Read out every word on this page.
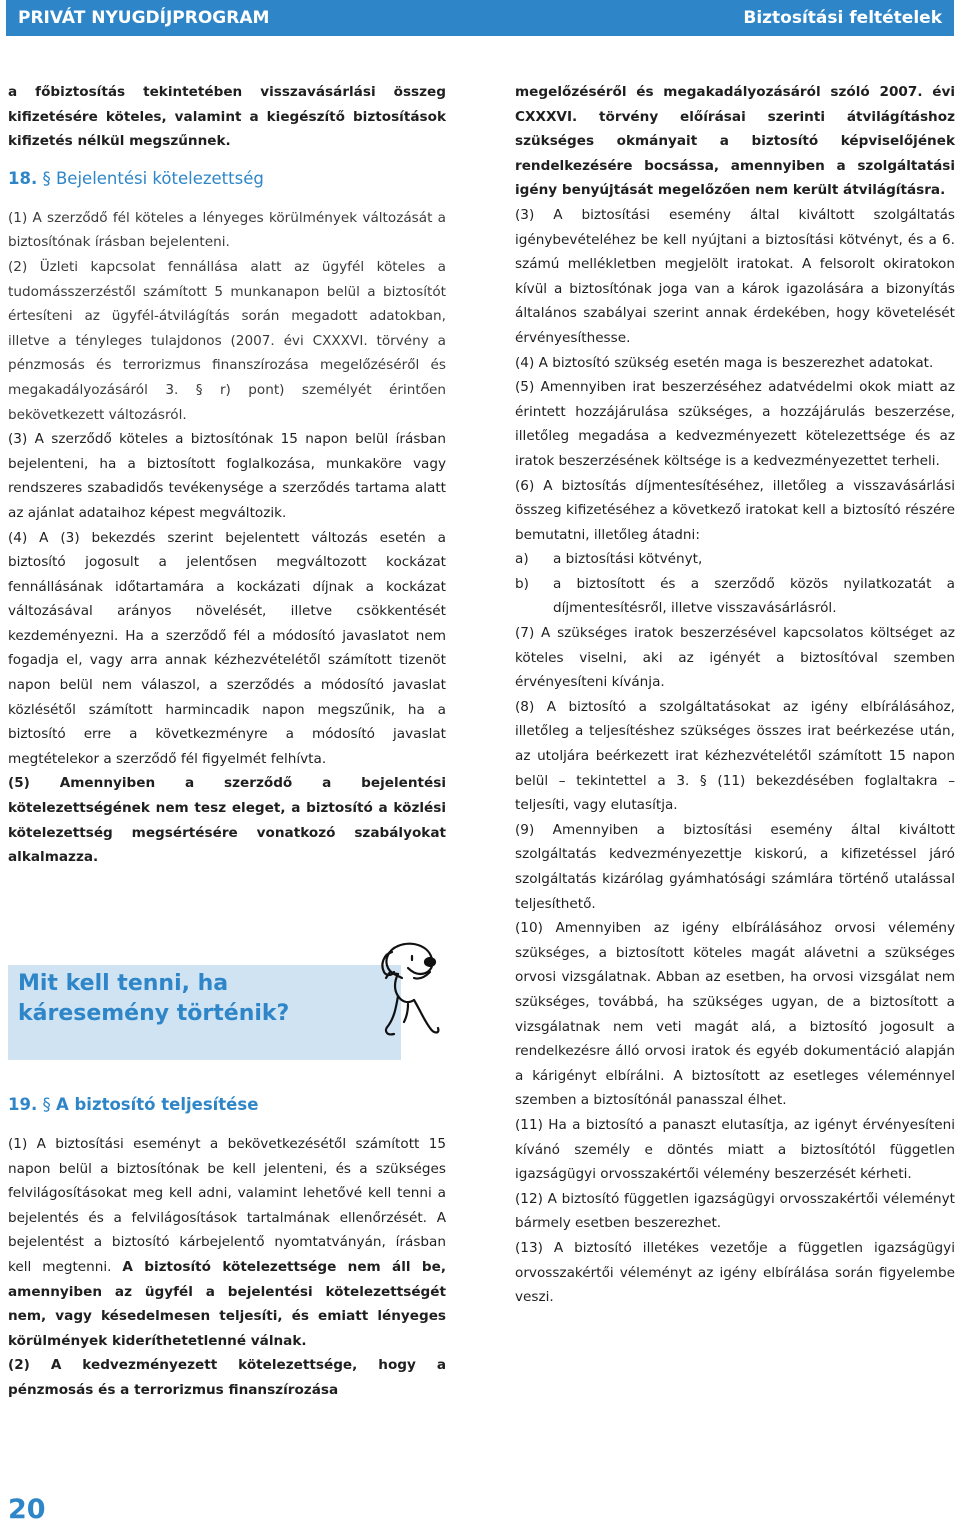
PRIVÁT NYUGDÍJPROGRAM	Biztosítási feltételek

a főbiztosítás tekintetében visszavásárlási összeg kifizetésére köteles, valamint a kiegészítő biztosítások kifizetés nélkül megszűnnek.

18. § Bejelentési kötelezettség

(1) A szerződő fél köteles a lényeges körülmények változását a biztosítónak írásban bejelenteni.

(2) Üzleti kapcsolat fennállása alatt az ügyfél köteles a tudomásszerzéstől számított 5 munkanapon belül a biztosítót értesíteni az ügyfél-átvilágítás során megadott adatokban, illetve a tényleges tulajdonos (2007. évi CXXXVI. törvény a pénzmosás és terrorizmus finanszírozása megelőzéséről és megakadályozásáról 3. § r) pont) személyét érintően bekövetkezett változásról.

(3) A szerződő köteles a biztosítónak 15 napon belül írásban bejelenteni, ha a biztosított foglalkozása, munkaköre vagy rendszeres szabadidős tevékenysége a szerződés tartama alatt az ajánlat adataihoz képest megváltozik.

(4) A (3) bekezdés szerint bejelentett változás esetén a biztosító jogosult a jelentősen megváltozott kockázat fennállásának időtartamára a kockázati díjnak a kockázat változásával arányos növelését, illetve csökkentését kezdeményezni. Ha a szerződő fél a módosító javaslatot nem fogadja el, vagy arra annak kézhezvételétől számított tizenöt napon belül nem válaszol, a szerződés a módosító javaslat közlésétől számított harmincadik napon megszűnik, ha a biztosító erre a következményre a módosító javaslat megtételekor a szerződő fél figyelmét felhívta.

(5) Amennyiben a szerződő a bejelentési kötelezettségének nem tesz eleget, a biztosító a közlési kötelezettség megsértésére vonatkozó szabályokat alkalmazza.

Mit kell tenni, ha
káresemény történik?
19. § A biztosító teljesítése

(1) A biztosítási eseményt a bekövetkezésétől számított 15 napon belül a biztosítónak be kell jelenteni, és a szükséges felvilágosításokat meg kell adni, valamint lehetővé kell tenni a bejelentés és a felvilágosítások tartalmának ellenőrzését. A bejelentést a biztosító kárbejelentő nyomtatványán, írásban kell megtenni. A biztosító kötelezettsége nem áll be, amennyiben az ügyfél a bejelentési kötelezettségét nem, vagy késedelmesen teljesíti, és emiatt lényeges körülmények kideríthetetlenné válnak.

(2) A kedvezményezett kötelezettsége, hogy a pénzmosás és a terrorizmus finanszírozása

megelőzéséről és megakadályozásáról szóló 2007. évi CXXXVI. törvény előírásai szerinti átvilágításhoz szükséges okmányait a biztosító képviselőjének rendelkezésére bocsássa, amennyiben a szolgáltatási igény benyújtását megelőzően nem került átvilágításra.

(3) A biztosítási esemény által kiváltott szolgáltatás igénybevételéhez be kell nyújtani a biztosítási kötvényt, és a 6. számú mellékletben megjelölt iratokat. A felsorolt okiratokon kívül a biztosítónak joga van a károk igazolására a bizonyítás általános szabályai szerint annak érdekében, hogy követelését érvényesíthesse.

(4) A biztosító szükség esetén maga is beszerezhet adatokat.

(5) Amennyiben irat beszerzéséhez adatvédelmi okok miatt az érintett hozzájárulása szükséges, a hozzájárulás beszerzése, illetőleg megadása a kedvezményezett kötelezettsége és az iratok beszerzésének költsége is a kedvezményezettet terheli.

(6) A biztosítás díjmentesítéséhez, illetőleg a visszavásárlási összeg kifizetéséhez a következő iratokat kell a biztosító részére bemutatni, illetőleg átadni:

a)	a biztosítási kötvényt,
b)	a biztosított és a szerződő közös nyilatkozatát a díjmentesítésről, illetve visszavásárlásról.

(7) A szükséges iratok beszerzésével kapcsolatos költséget az köteles viselni, aki az igényét a biztosítóval szemben érvényesíteni kívánja.

(8) A biztosító a szolgáltatásokat az igény elbírálásához, illetőleg a teljesítéshez szükséges összes irat beérkezése után, az utoljára beérkezett irat kézhezvételétől számított 15 napon belül – tekintettel a 3. § (11) bekezdésében foglaltakra – teljesíti, vagy elutasítja.

(9) Amennyiben a biztosítási esemény által kiváltott szolgáltatás kedvezményezettje kiskorú, a kifizetéssel járó szolgáltatás kizárólag gyámhatósági számlára történő utalással teljesíthető.

(10) Amennyiben az igény elbírálásához orvosi vélemény szükséges, a biztosított köteles magát alávetni a szükséges orvosi vizsgálatnak. Abban az esetben, ha orvosi vizsgálat nem szükséges, továbbá, ha szükséges ugyan, de a biztosított a vizsgálatnak nem veti magát alá, a biztosító jogosult a rendelkezésre álló orvosi iratok és egyéb dokumentáció alapján a kárigényt elbírálni. A biztosított az esetleges véleménnyel szemben a biztosítónál panasszal élhet.

(11) Ha a biztosító a panaszt elutasítja, az igényt érvényesíteni kívánó személy e döntés miatt a biztosítótól független igazságügyi orvosszakértői vélemény beszerzését kérheti.

(12) A biztosító független igazságügyi orvosszakértői véleményt bármely esetben beszerezhet.

(13) A biztosító illetékes vezetője a független igazságügyi orvosszakértői véleményt az igény elbírálása során figyelembe veszi.

20
